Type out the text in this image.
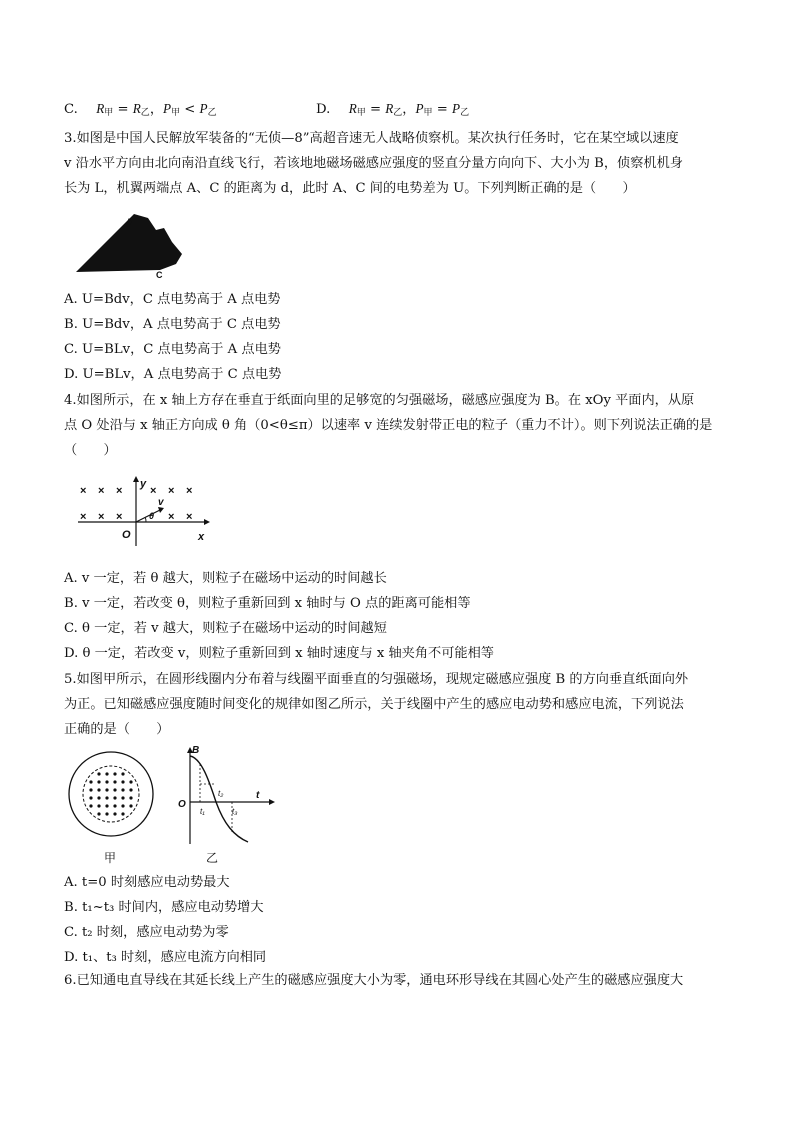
C. $R_甲 = R_乙$，$P_甲 < P_乙$	D. $R_甲 = R_乙$，$P_甲 = P_乙$
3.如图是中国人民解放军装备的“无侦—8”高超音速无人战略侦察机。某次执行任务时，它在某空域以速度
v 沿水平方向由北向南沿直线飞行，若该地地磁场磁感应强度的竖直分量方向向下、大小为 B，侦察机机身
长为 L，机翼两端点 A、C 的距离为 d，此时 A、C 间的电势差为 U。下列判断正确的是（　　）
A
C
A. U=Bdv，C 点电势高于 A 点电势
B. U=Bdv，A 点电势高于 C 点电势
C. U=BLv，C 点电势高于 A 点电势
D. U=BLv，A 点电势高于 C 点电势
4.如图所示，在 x 轴上方存在垂直于纸面向里的足够宽的匀强磁场，磁感应强度为 B。在 xOy 平面内，从原
点 O 处沿与 x 轴正方向成 θ 角（0<θ≤π）以速率 v 连续发射带正电的粒子（重力不计）。则下列说法正确的是
（　　）
× × ×	× × ×
× × ×	× ×
y
x
O
v
θ
A. v 一定，若 θ 越大，则粒子在磁场中运动的时间越长
B. v 一定，若改变 θ，则粒子重新回到 x 轴时与 O 点的距离可能相等
C. θ 一定，若 v 越大，则粒子在磁场中运动的时间越短
D. θ 一定，若改变 v，则粒子重新回到 x 轴时速度与 x 轴夹角不可能相等
5.如图甲所示，在圆形线圈内分布着与线圈平面垂直的匀强磁场，现规定磁感应强度 B 的方向垂直纸面向外
为正。已知磁感应强度随时间变化的规律如图乙所示，关于线圈中产生的感应电动势和感应电流，下列说法
正确的是（　　）
甲
B
O
t
t₁
t₂
t₃
乙
A. t=0 时刻感应电动势最大
B. t₁~t₃ 时间内，感应电动势增大
C. t₂ 时刻，感应电动势为零
D. t₁、t₃ 时刻，感应电流方向相同
6.已知通电直导线在其延长线上产生的磁感应强度大小为零，通电环形导线在其圆心处产生的磁感应强度大
